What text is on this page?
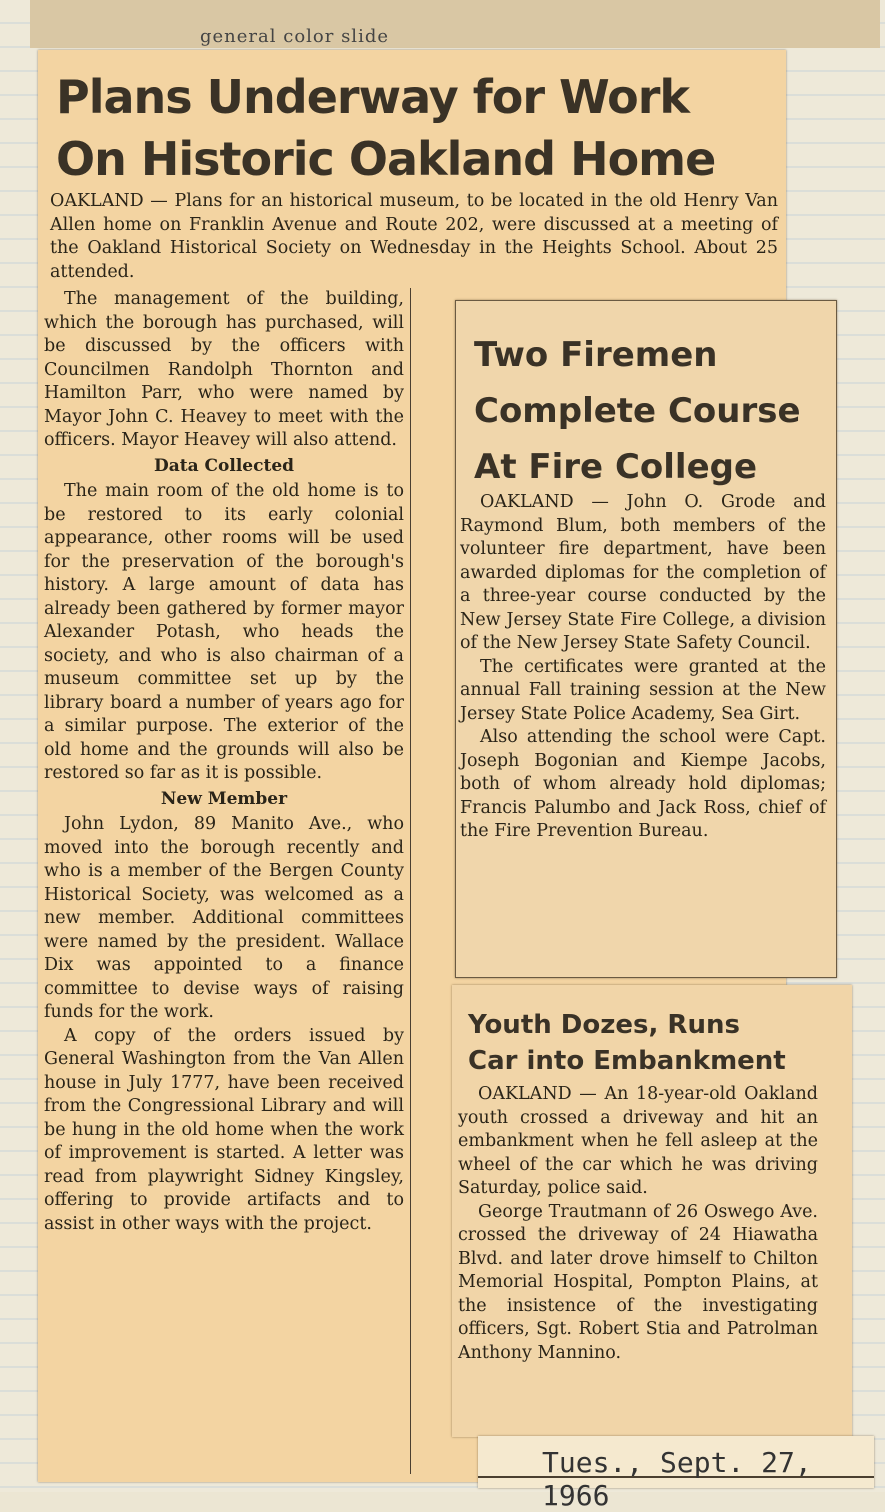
general color slide
Plans Underway for Work
On Historic Oakland Home
OAKLAND — Plans for an historical museum, to be located in the old Henry Van Allen home on Franklin Avenue and Route 202, were discussed at a meeting of the Oakland Historical Society on Wednesday in the Heights School. About 25 attended.

The management of the building, which the borough has purchased, will be discussed by the officers with Councilmen Randolph Thornton and Hamilton Parr, who were named by Mayor John C. Heavey to meet with the officers. Mayor Heavey will also attend.

Data Collected

The main room of the old home is to be restored to its early colonial appearance, other rooms will be used for the preservation of the borough's history. A large amount of data has already been gathered by former mayor Alexander Potash, who heads the society, and who is also chairman of a museum committee set up by the library board a number of years ago for a similar purpose. The exterior of the old home and the grounds will also be restored so far as it is possible.

New Member

John Lydon, 89 Manito Ave., who moved into the borough recently and who is a member of the Bergen County Historical Society, was welcomed as a new member. Additional committees were named by the president. Wallace Dix was appointed to a finance committee to devise ways of raising funds for the work.

A copy of the orders issued by General Washington from the Van Allen house in July 1777, have been received from the Congressional Library and will be hung in the old home when the work of improvement is started. A letter was read from playwright Sidney Kingsley, offering to provide artifacts and to assist in other ways with the project.

Two Firemen
Complete Course
At Fire College

OAKLAND — John O. Grode and Raymond Blum, both members of the volunteer fire department, have been awarded diplomas for the completion of a three-year course conducted by the New Jersey State Fire College, a division of the New Jersey State Safety Council.

The certificates were granted at the annual Fall training session at the New Jersey State Police Academy, Sea Girt.

Also attending the school were Capt. Joseph Bogonian and Kiempe Jacobs, both of whom already hold diplomas; Francis Palumbo and Jack Ross, chief of the Fire Prevention Bureau.

Youth Dozes, Runs
Car into Embankment

OAKLAND — An 18-year-old Oakland youth crossed a driveway and hit an embankment when he fell asleep at the wheel of the car which he was driving Saturday, police said.

George Trautmann of 26 Oswego Ave. crossed the driveway of 24 Hiawatha Blvd. and later drove himself to Chilton Memorial Hospital, Pompton Plains, at the insistence of the investigating officers, Sgt. Robert Stia and Patrolman Anthony Mannino.

Tues., Sept. 27, 1966
